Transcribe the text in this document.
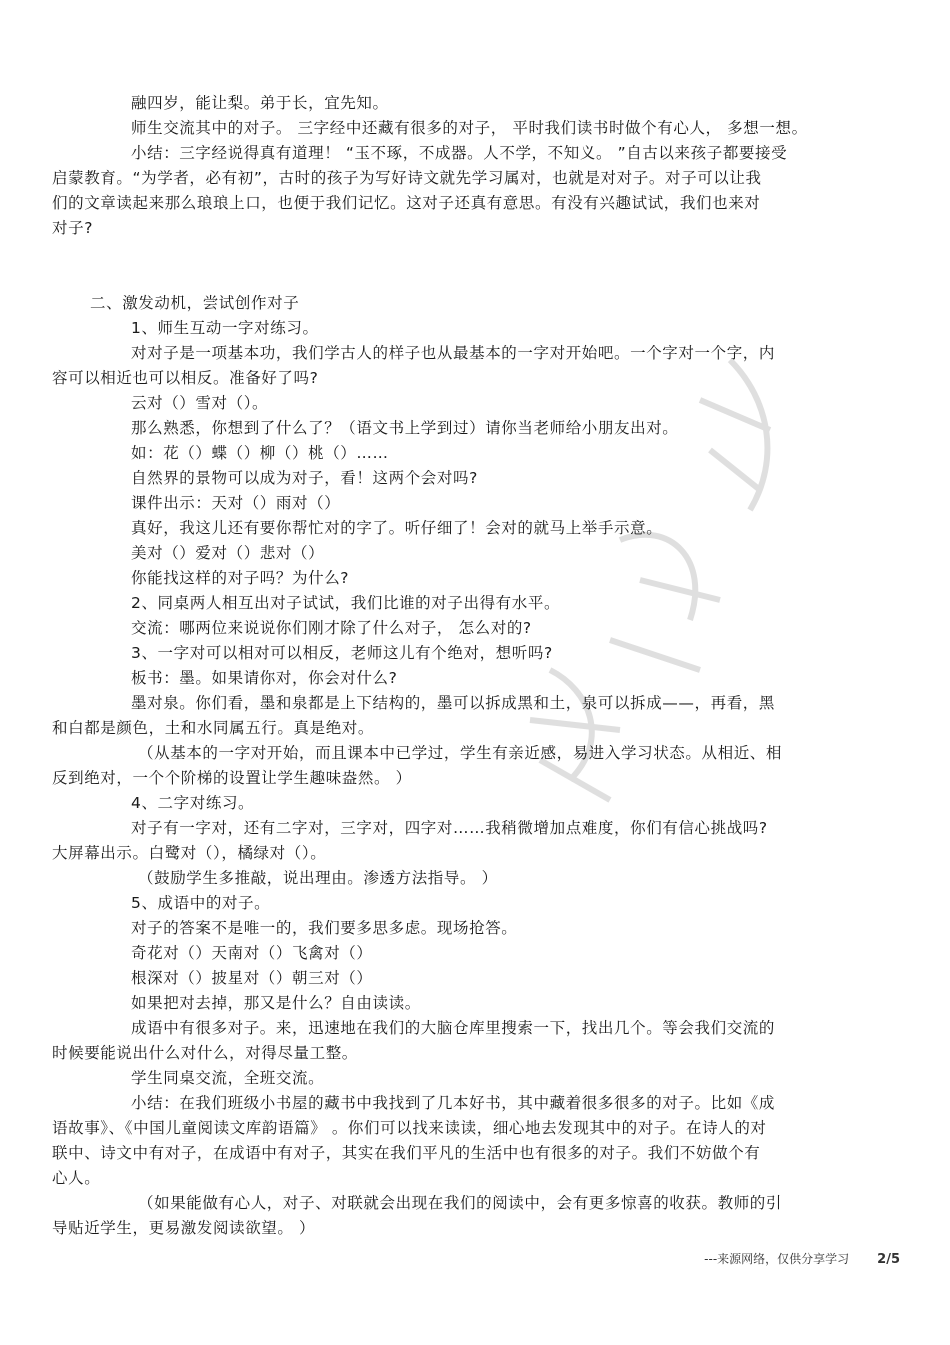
融四岁，能让梨。弟于长，宜先知。
师生交流其中的对子。 三字经中还藏有很多的对子， 平时我们读书时做个有心人， 多想一想。
小结：三字经说得真有道理！ “玉不琢，不成器。人不学，不知义。 ”自古以来孩子都要接受
启蒙教育。“为学者，必有初”，古时的孩子为写好诗文就先学习属对，也就是对对子。对子可以让我
们的文章读起来那么琅琅上口，也便于我们记忆。这对子还真有意思。有没有兴趣试试，我们也来对
对子?
二、激发动机，尝试创作对子
1、师生互动一字对练习。
对对子是一项基本功，我们学古人的样子也从最基本的一字对开始吧。一个字对一个字，内
容可以相近也可以相反。准备好了吗?
云对（）雪对（）。
那么熟悉，你想到了什么了？（语文书上学到过）请你当老师给小朋友出对。
如：花（）蝶（）柳（）桃（）……
自然界的景物可以成为对子，看！这两个会对吗?
课件出示：天对（）雨对（）
真好，我这儿还有要你帮忙对的字了。听仔细了！会对的就马上举手示意。
美对（）爱对（）悲对（）
你能找这样的对子吗？为什么?
2、同桌两人相互出对子试试，我们比谁的对子出得有水平。
交流：哪两位来说说你们刚才除了什么对子， 怎么对的?
3、一字对可以相对可以相反，老师这儿有个绝对，想听吗?
板书：墨。如果请你对，你会对什么?
墨对泉。你们看，墨和泉都是上下结构的，墨可以拆成黑和土，泉可以拆成——，再看，黑
和白都是颜色，土和水同属五行。真是绝对。
（从基本的一字对开始，而且课本中已学过，学生有亲近感，易进入学习状态。从相近、相
反到绝对，一个个阶梯的设置让学生趣味盎然。 ）
4、二字对练习。
对子有一字对，还有二字对，三字对，四字对……我稍微增加点难度，你们有信心挑战吗?
大屏幕出示。白鹭对（），橘绿对（）。
（鼓励学生多推敲，说出理由。渗透方法指导。 ）
5、成语中的对子。
对子的答案不是唯一的，我们要多思多虑。现场抢答。
奇花对（）天南对（）飞禽对（）
根深对（）披星对（）朝三对（）
如果把对去掉，那又是什么？自由读读。
成语中有很多对子。来，迅速地在我们的大脑仓库里搜索一下，找出几个。等会我们交流的
时候要能说出什么对什么，对得尽量工整。
学生同桌交流，全班交流。
小结：在我们班级小书屋的藏书中我找到了几本好书，其中藏着很多很多的对子。比如《成
语故事》、《中国儿童阅读文库韵语篇》 。你们可以找来读读，细心地去发现其中的对子。在诗人的对
联中、诗文中有对子，在成语中有对子，其实在我们平凡的生活中也有很多的对子。我们不妨做个有
心人。
（如果能做有心人，对子、对联就会出现在我们的阅读中，会有更多惊喜的收获。教师的引
导贴近学生，更易激发阅读欲望。 ）
---来源网络，仅供分享学习 2/5
